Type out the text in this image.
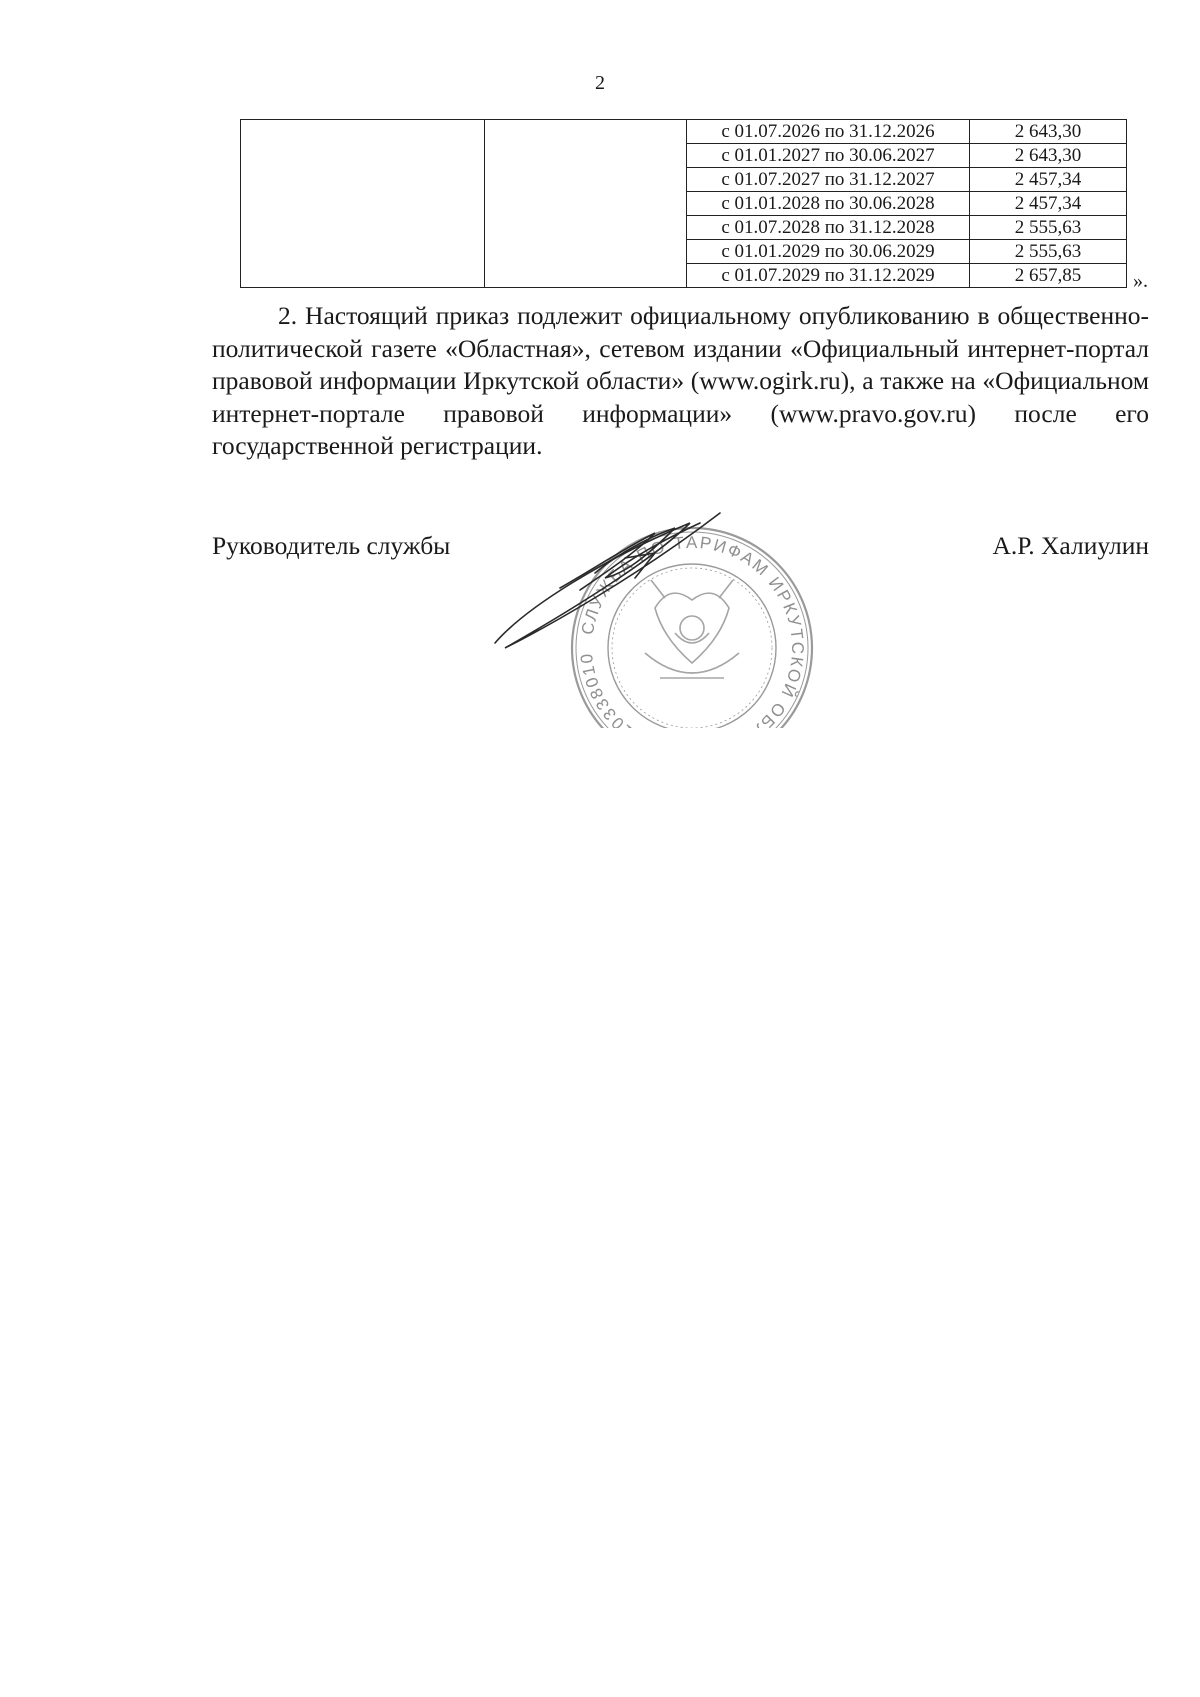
2
		с 01.07.2026 по 31.12.2026	2 643,30
		с 01.01.2027 по 30.06.2027	2 643,30
		с 01.07.2027 по 31.12.2027	2 457,34
		с 01.01.2028 по 30.06.2028	2 457,34
		с 01.07.2028 по 31.12.2028	2 555,63
		с 01.01.2029 по 30.06.2029	2 555,63
		с 01.07.2029 по 31.12.2029	2 657,85	».
2. Настоящий приказ подлежит официальному опубликованию в общественно-политической газете «Областная», сетевом издании «Официальный интернет-портал правовой информации Иркутской области» (www.ogirk.ru), а также на «Официальном интернет-портале правовой информации» (www.pravo.gov.ru) после его государственной регистрации.
Руководитель службы	А.Р. Халиулин
СЛУЖБА ПО ТАРИФАМ ИРКУТСКОЙ ОБ 0338010
